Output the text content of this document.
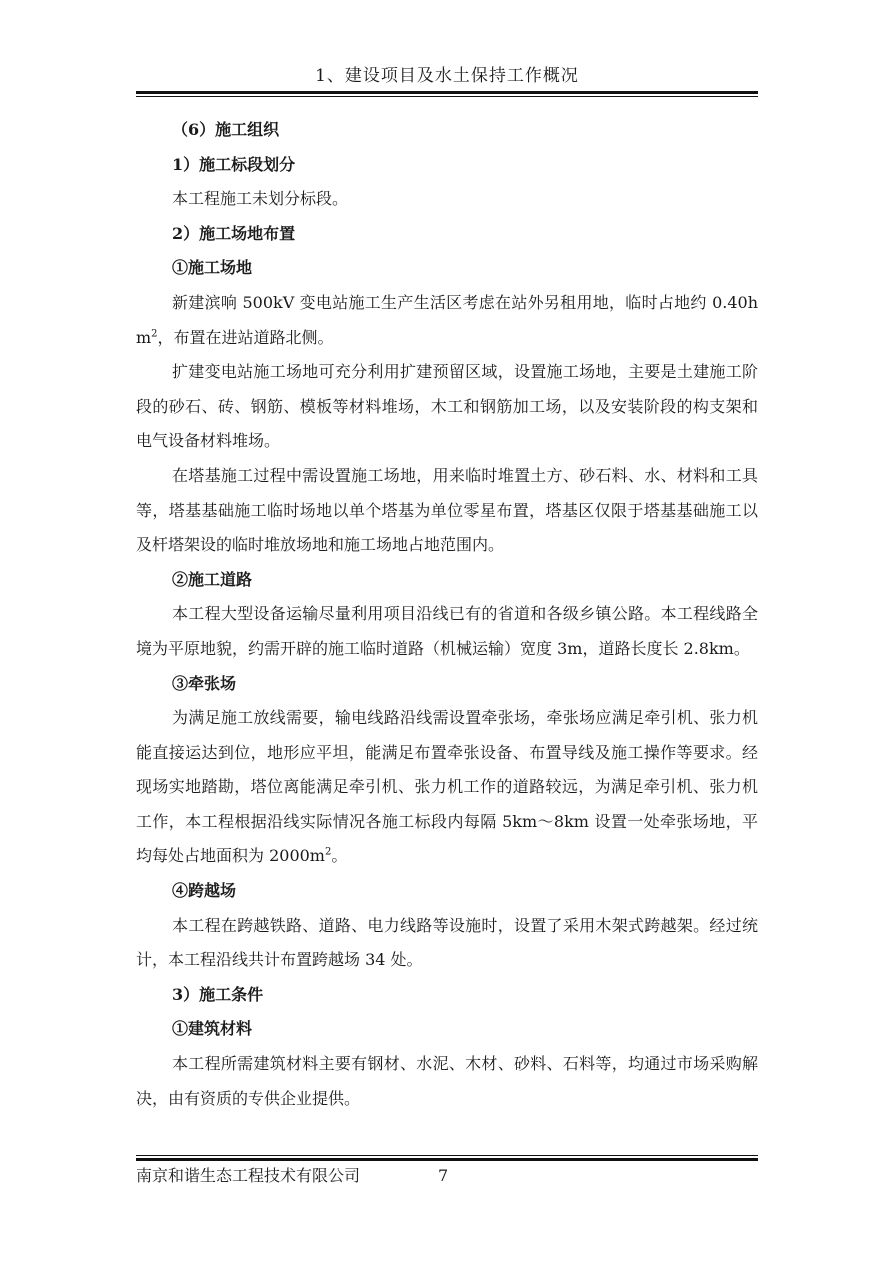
1、建设项目及水土保持工作概况
（6）施工组织
1）施工标段划分
本工程施工未划分标段。
2）施工场地布置
①施工场地
新建滨响 500kV 变电站施工生产生活区考虑在站外另租用地，临时占地约 $0.40hm^2$，布置在进站道路北侧。
扩建变电站施工场地可充分利用扩建预留区域，设置施工场地，主要是土建施工阶段的砂石、砖、钢筋、模板等材料堆场，木工和钢筋加工场，以及安装阶段的构支架和电气设备材料堆场。
在塔基施工过程中需设置施工场地，用来临时堆置土方、砂石料、水、材料和工具等，塔基基础施工临时场地以单个塔基为单位零星布置，塔基区仅限于塔基基础施工以及杆塔架设的临时堆放场地和施工场地占地范围内。
②施工道路
本工程大型设备运输尽量利用项目沿线已有的省道和各级乡镇公路。本工程线路全境为平原地貌，约需开辟的施工临时道路（机械运输）宽度 3m，道路长度长 2.8km。
③牵张场
为满足施工放线需要，输电线路沿线需设置牵张场，牵张场应满足牵引机、张力机能直接运达到位，地形应平坦，能满足布置牵张设备、布置导线及施工操作等要求。经现场实地踏勘，塔位离能满足牵引机、张力机工作的道路较远，为满足牵引机、张力机工作，本工程根据沿线实际情况各施工标段内每隔 5km～8km 设置一处牵张场地，平均每处占地面积为 $2000m^2$。
④跨越场
本工程在跨越铁路、道路、电力线路等设施时，设置了采用木架式跨越架。经过统计，本工程沿线共计布置跨越场 34 处。
3）施工条件
①建筑材料
本工程所需建筑材料主要有钢材、水泥、木材、砂料、石料等，均通过市场采购解决，由有资质的专供企业提供。
南京和谐生态工程技术有限公司	7
